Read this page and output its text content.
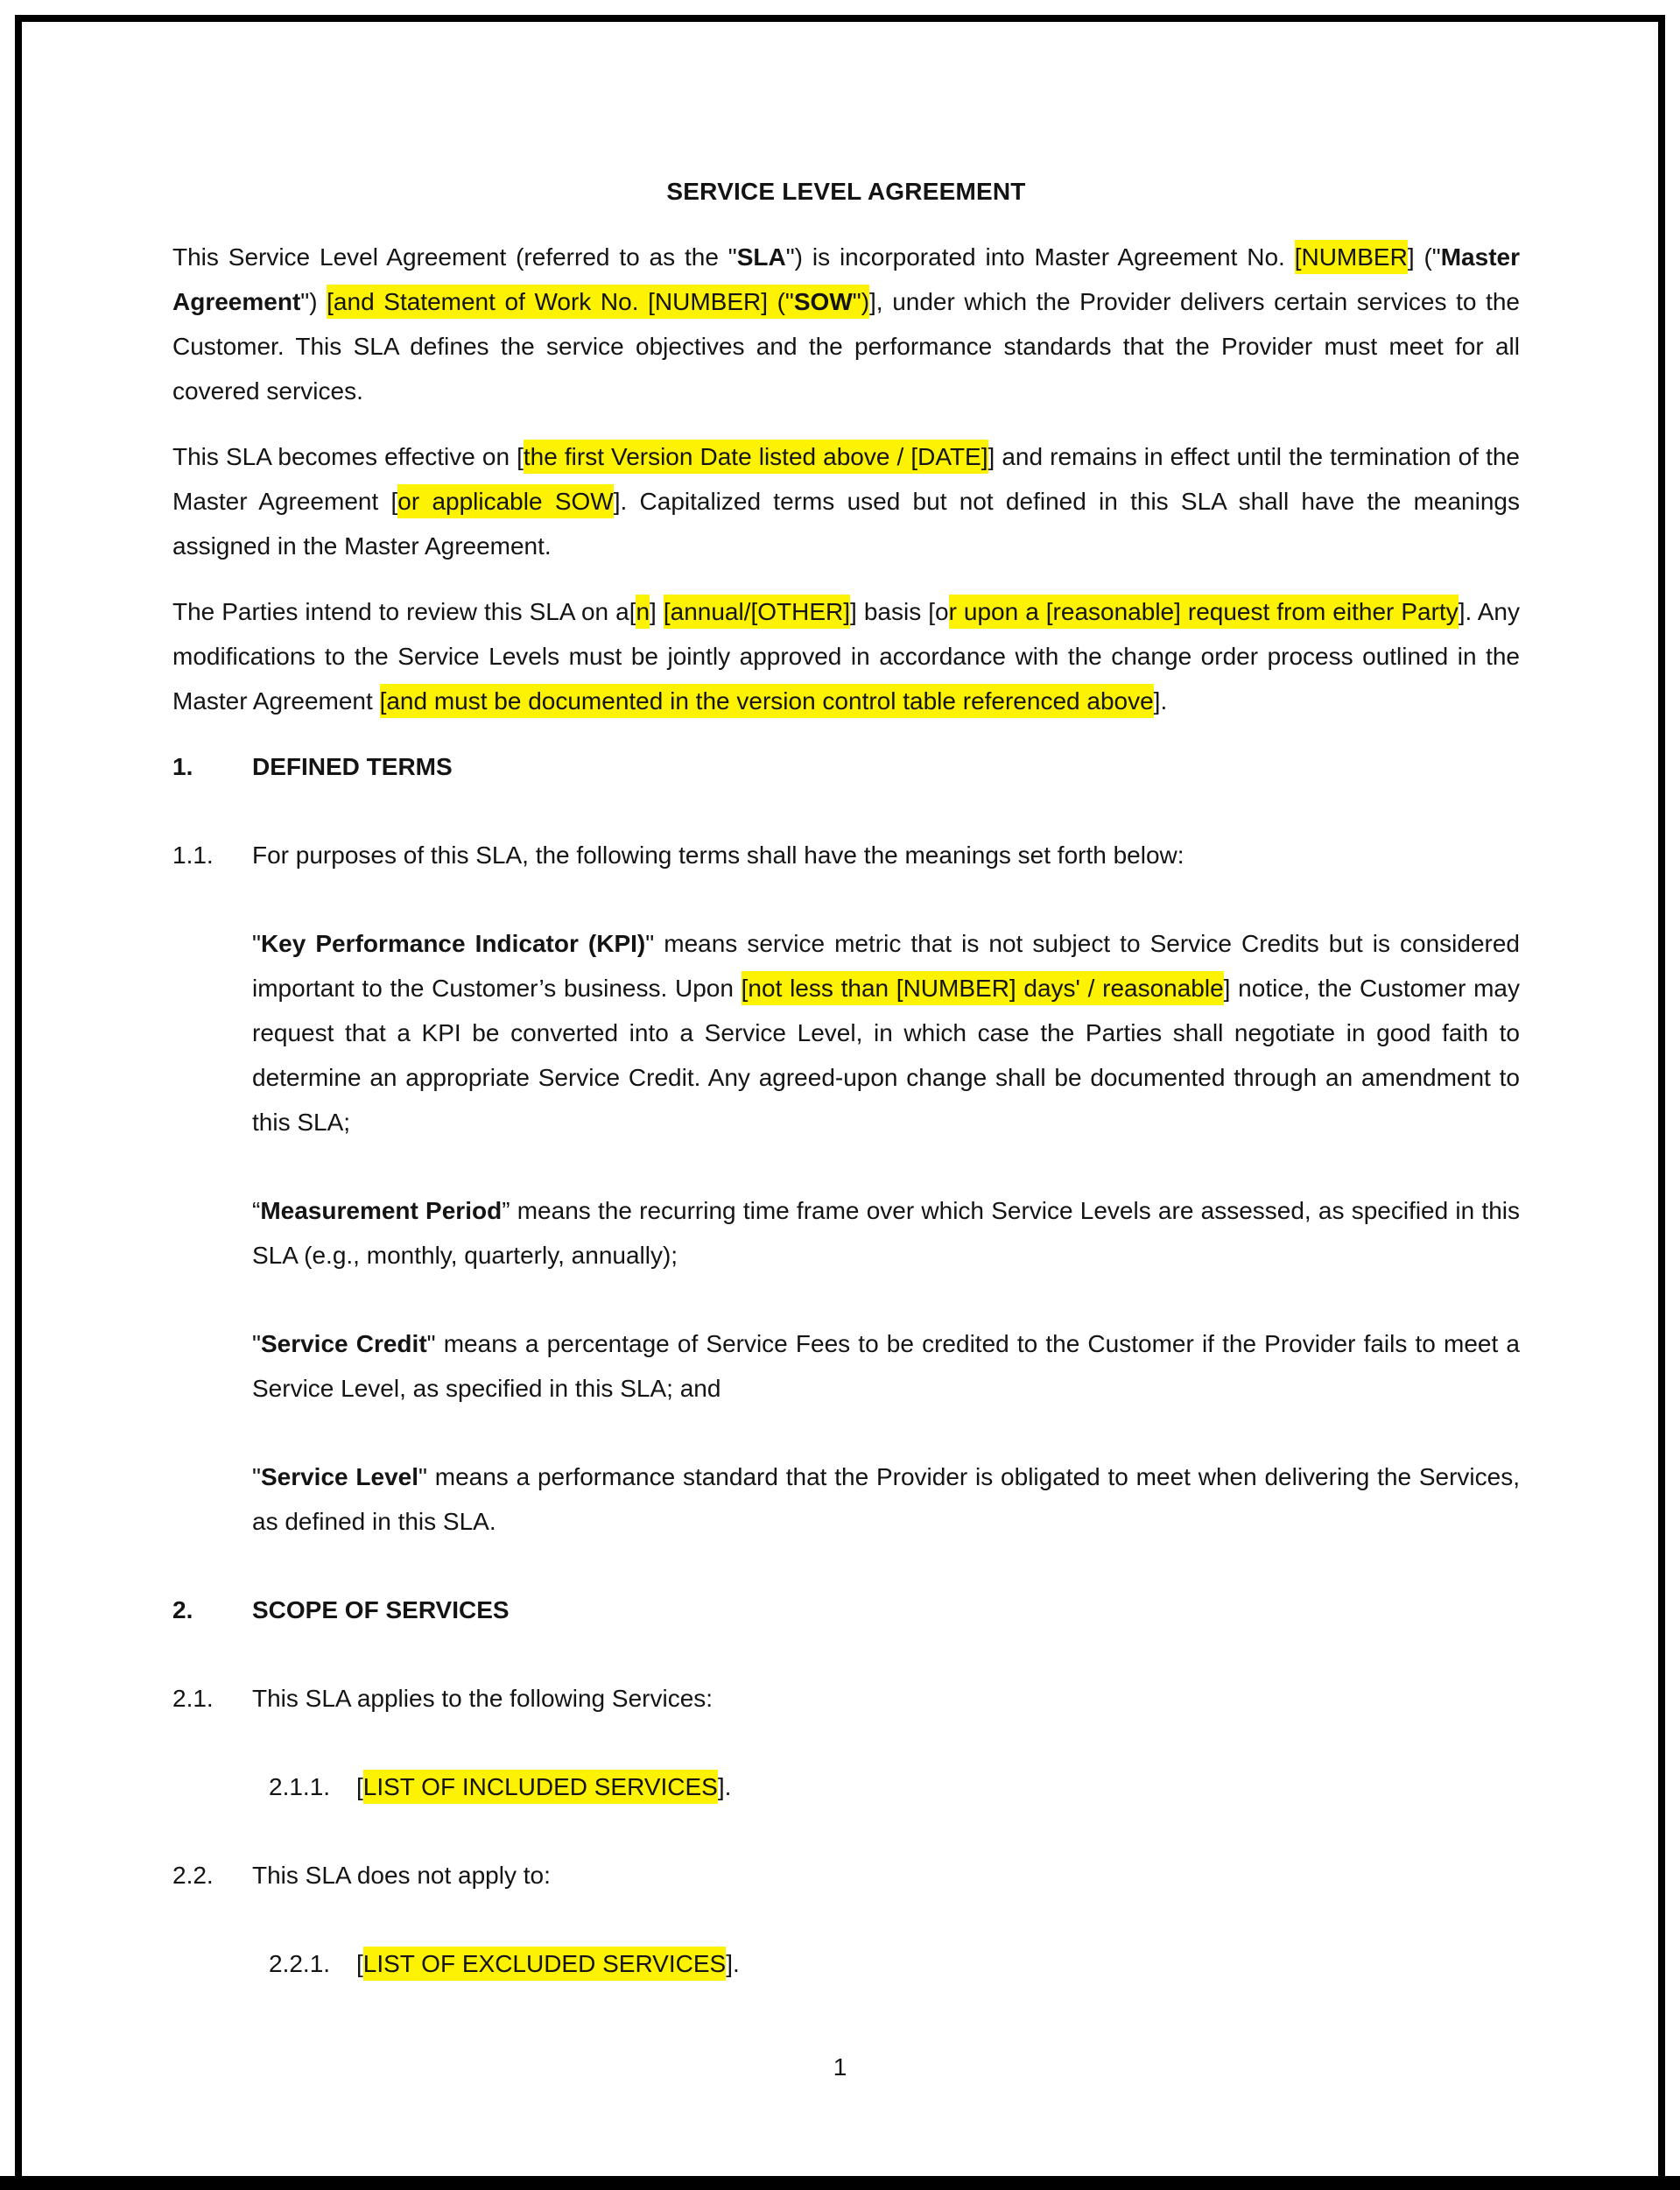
SERVICE LEVEL AGREEMENT

This Service Level Agreement (referred to as the "SLA") is incorporated into Master Agreement No. [NUMBER] ("Master Agreement") [and Statement of Work No. [NUMBER] ("SOW")], under which the Provider delivers certain services to the Customer. This SLA defines the service objectives and the performance standards that the Provider must meet for all covered services.

This SLA becomes effective on [the first Version Date listed above / [DATE]] and remains in effect until the termination of the Master Agreement [or applicable SOW]. Capitalized terms used but not defined in this SLA shall have the meanings assigned in the Master Agreement.

The Parties intend to review this SLA on a[n] [annual/[OTHER]] basis [or upon a [reasonable] request from either Party]. Any modifications to the Service Levels must be jointly approved in accordance with the change order process outlined in the Master Agreement [and must be documented in the version control table referenced above].

1.	DEFINED TERMS
1.1.	For purposes of this SLA, the following terms shall have the meanings set forth below:

"Key Performance Indicator (KPI)" means service metric that is not subject to Service Credits but is considered important to the Customer’s business. Upon [not less than [NUMBER] days' / reasonable] notice, the Customer may request that a KPI be converted into a Service Level, in which case the Parties shall negotiate in good faith to determine an appropriate Service Credit. Any agreed-upon change shall be documented through an amendment to this SLA;

“Measurement Period” means the recurring time frame over which Service Levels are assessed, as specified in this SLA (e.g., monthly, quarterly, annually);

"Service Credit" means a percentage of Service Fees to be credited to the Customer if the Provider fails to meet a Service Level, as specified in this SLA; and

"Service Level" means a performance standard that the Provider is obligated to meet when delivering the Services, as defined in this SLA.

2.	SCOPE OF SERVICES
2.1.	This SLA applies to the following Services:
2.1.1.	[LIST OF INCLUDED SERVICES].
2.2.	This SLA does not apply to:
2.2.1.	[LIST OF EXCLUDED SERVICES].
1
